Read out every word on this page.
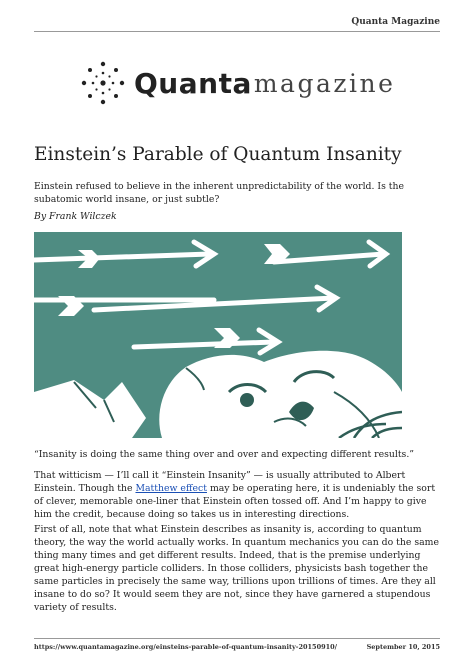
Quanta Magazine
Quanta magazine
Einstein’s Parable of Quantum Insanity

Einstein refused to believe in the inherent unpredictability of the world. Is the subatomic world insane, or just subtle?

By Frank Wilczek

“Insanity is doing the same thing over and over and expecting different results.”

That witticism — I’ll call it “Einstein Insanity” — is usually attributed to Albert Einstein. Though the Matthew effect may be operating here, it is undeniably the sort of clever, memorable one-liner that Einstein often tossed off. And I’m happy to give him the credit, because doing so takes us in interesting directions.

First of all, note that what Einstein describes as insanity is, according to quantum theory, the way the world actually works. In quantum mechanics you can do the same thing many times and get different results. Indeed, that is the premise underlying great high-energy particle colliders. In those colliders, physicists bash together the same particles in precisely the same way, trillions upon trillions of times. Are they all insane to do so? It would seem they are not, since they have garnered a stupendous variety of results.

https://www.quantamagazine.org/einsteins-parable-of-quantum-insanity-20150910/	September 10, 2015
